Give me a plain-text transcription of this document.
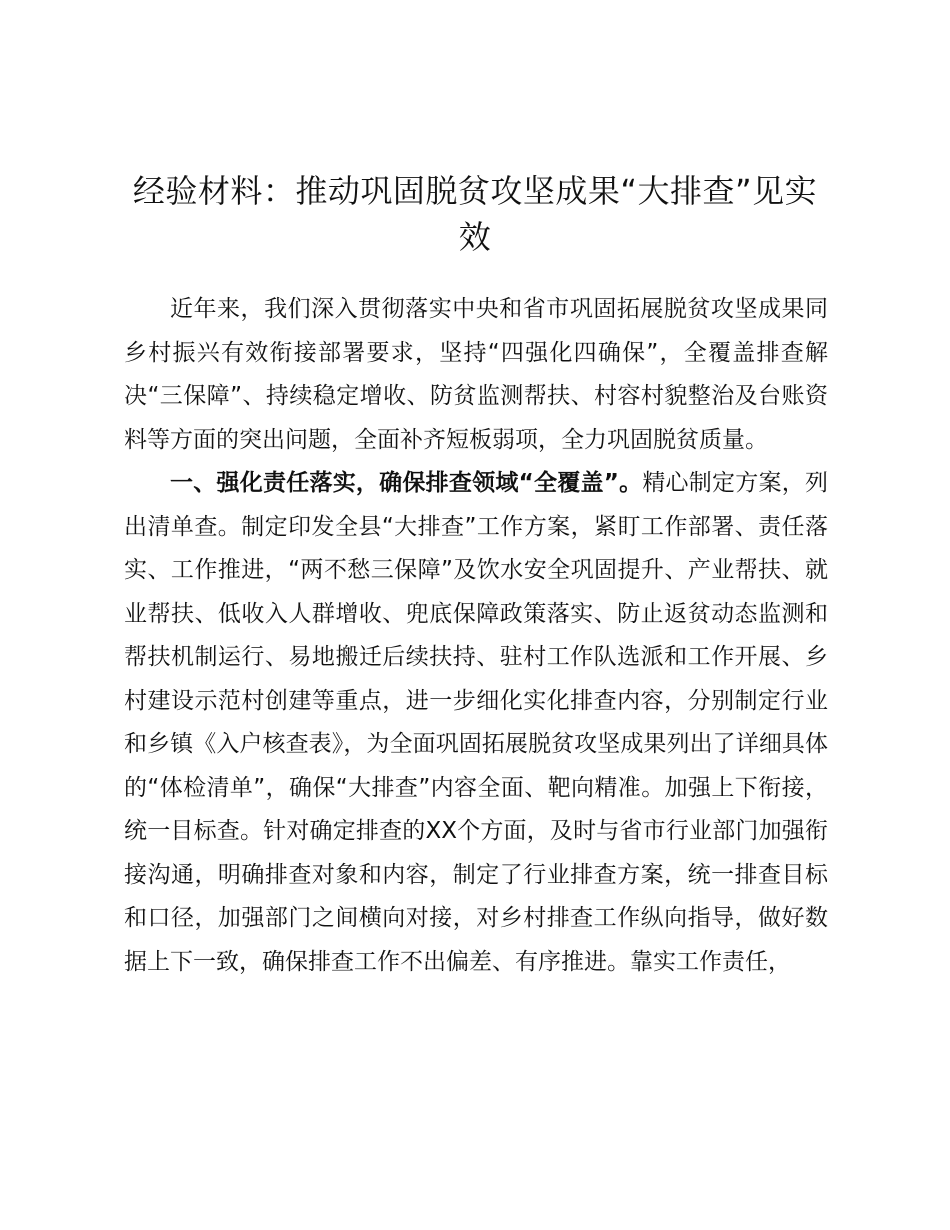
经验材料：推动巩固脱贫攻坚成果“大排查”见实效

近年来，我们深入贯彻落实中央和省市巩固拓展脱贫攻坚成果同乡村振兴有效衔接部署要求，坚持“四强化四确保”，全覆盖排查解决“三保障”、持续稳定增收、防贫监测帮扶、村容村貌整治及台账资料等方面的突出问题，全面补齐短板弱项，全力巩固脱贫质量。

一、强化责任落实，确保排查领域“全覆盖”。精心制定方案，列出清单查。制定印发全县“大排查”工作方案，紧盯工作部署、责任落实、工作推进，“两不愁三保障”及饮水安全巩固提升、产业帮扶、就业帮扶、低收入人群增收、兜底保障政策落实、防止返贫动态监测和帮扶机制运行、易地搬迁后续扶持、驻村工作队选派和工作开展、乡村建设示范村创建等重点，进一步细化实化排查内容，分别制定行业和乡镇《入户核查表》，为全面巩固拓展脱贫攻坚成果列出了详细具体的“体检清单”，确保“大排查”内容全面、靶向精准。加强上下衔接，统一目标查。针对确定排查的XX个方面，及时与省市行业部门加强衔接沟通，明确排查对象和内容，制定了行业排查方案，统一排查目标和口径，加强部门之间横向对接，对乡村排查工作纵向指导，做好数据上下一致，确保排查工作不出偏差、有序推进。靠实工作责任，
